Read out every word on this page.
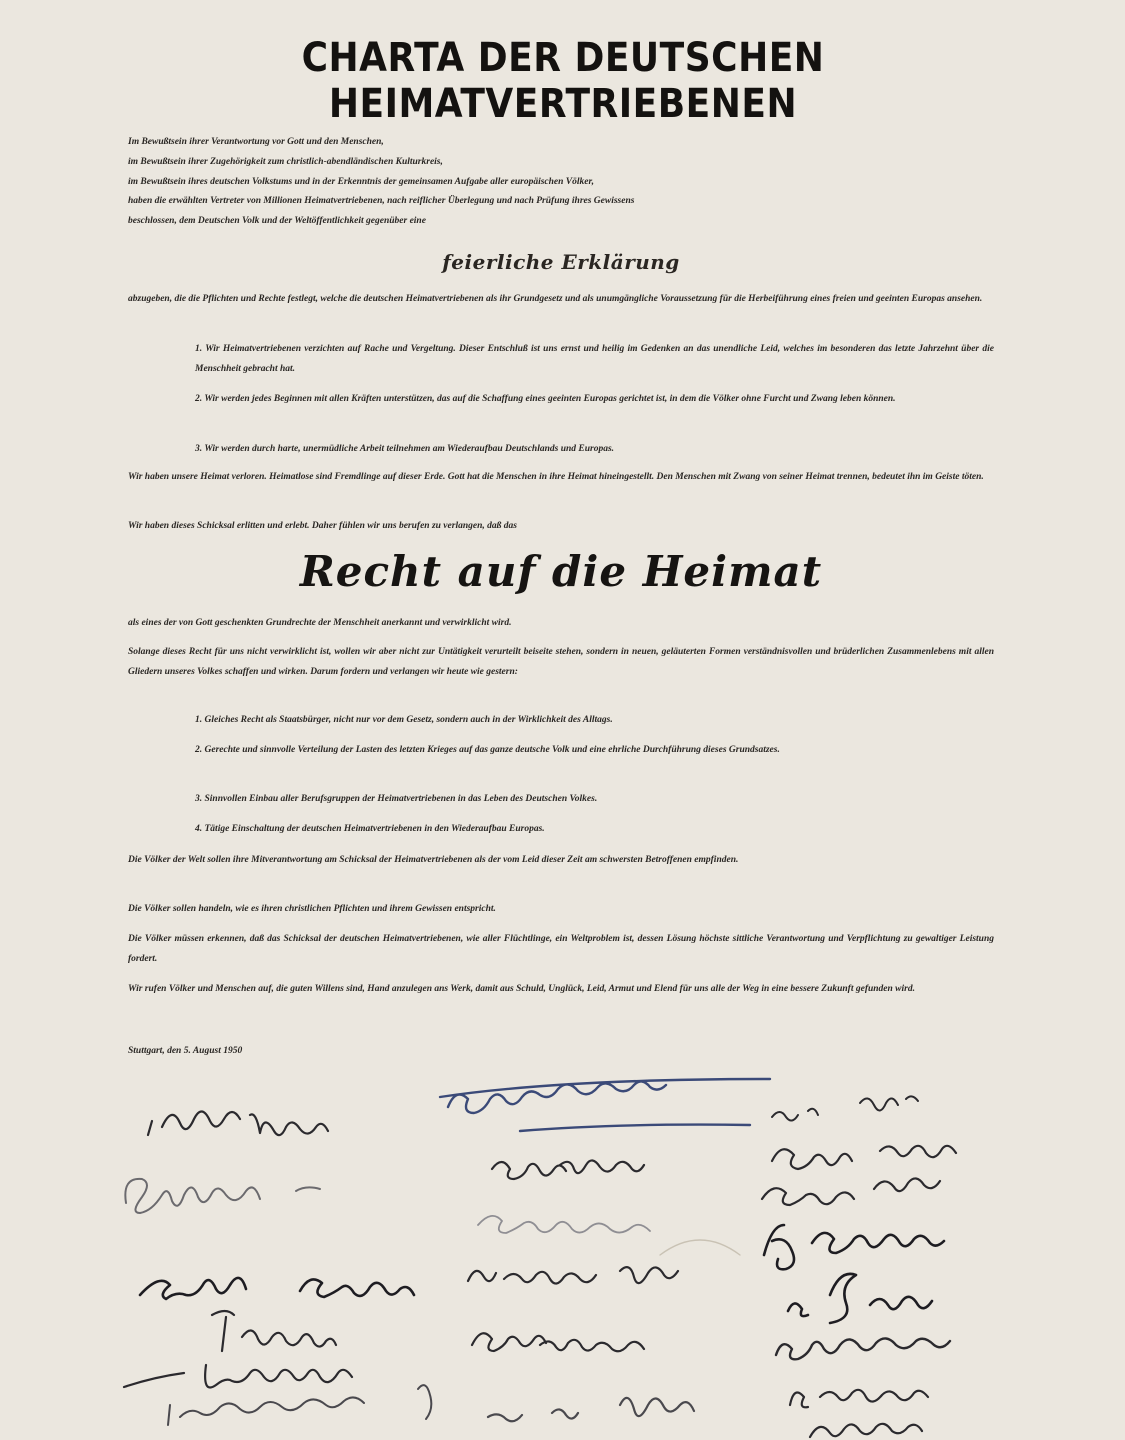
CHARTA DER DEUTSCHEN HEIMATVERTRIEBENEN
Im Bewußtsein ihrer Verantwortung vor Gott und den Menschen,
im Bewußtsein ihrer Zugehörigkeit zum christlich-abendländischen Kulturkreis,
im Bewußtsein ihres deutschen Volkstums und in der Erkenntnis der gemeinsamen Aufgabe aller europäischen Völker,
haben die erwählten Vertreter von Millionen Heimatvertriebenen, nach reiflicher Überlegung und nach Prüfung ihres Gewissens
beschlossen, dem Deutschen Volk und der Weltöffentlichkeit gegenüber eine
feierliche Erklärung
abzugeben, die die Pflichten und Rechte festlegt, welche die deutschen Heimatvertriebenen als ihr Grundgesetz und als unumgängliche Voraussetzung für die Herbeiführung eines freien und geeinten Europas ansehen.
1. Wir Heimatvertriebenen verzichten auf Rache und Vergeltung. Dieser Entschluß ist uns ernst und heilig im Gedenken an das unendliche Leid, welches im besonderen das letzte Jahrzehnt über die Menschheit gebracht hat.
2. Wir werden jedes Beginnen mit allen Kräften unterstützen, das auf die Schaffung eines geeinten Europas gerichtet ist, in dem die Völker ohne Furcht und Zwang leben können.
3. Wir werden durch harte, unermüdliche Arbeit teilnehmen am Wiederaufbau Deutschlands und Europas.
Wir haben unsere Heimat verloren. Heimatlose sind Fremdlinge auf dieser Erde. Gott hat die Menschen in ihre Heimat hineingestellt. Den Menschen mit Zwang von seiner Heimat trennen, bedeutet ihn im Geiste töten.
Wir haben dieses Schicksal erlitten und erlebt. Daher fühlen wir uns berufen zu verlangen, daß das
Recht auf die Heimat
als eines der von Gott geschenkten Grundrechte der Menschheit anerkannt und verwirklicht wird.
Solange dieses Recht für uns nicht verwirklicht ist, wollen wir aber nicht zur Untätigkeit verurteilt beiseite stehen, sondern in neuen, geläuterten Formen verständnisvollen und brüderlichen Zusammenlebens mit allen Gliedern unseres Volkes schaffen und wirken. Darum fordern und verlangen wir heute wie gestern:
1. Gleiches Recht als Staatsbürger, nicht nur vor dem Gesetz, sondern auch in der Wirklichkeit des Alltags.
2. Gerechte und sinnvolle Verteilung der Lasten des letzten Krieges auf das ganze deutsche Volk und eine ehrliche Durchführung dieses Grundsatzes.
3. Sinnvollen Einbau aller Berufsgruppen der Heimatvertriebenen in das Leben des Deutschen Volkes.
4. Tätige Einschaltung der deutschen Heimatvertriebenen in den Wiederaufbau Europas.
Die Völker der Welt sollen ihre Mitverantwortung am Schicksal der Heimatvertriebenen als der vom Leid dieser Zeit am schwersten Betroffenen empfinden.
Die Völker sollen handeln, wie es ihren christlichen Pflichten und ihrem Gewissen entspricht.
Die Völker müssen erkennen, daß das Schicksal der deutschen Heimatvertriebenen, wie aller Flüchtlinge, ein Weltproblem ist, dessen Lösung höchste sittliche Verantwortung und Verpflichtung zu gewaltiger Leistung fordert.
Wir rufen Völker und Menschen auf, die guten Willens sind, Hand anzulegen ans Werk, damit aus Schuld, Unglück, Leid, Armut und Elend für uns alle der Weg in eine bessere Zukunft gefunden wird.
Stuttgart, den 5. August 1950
